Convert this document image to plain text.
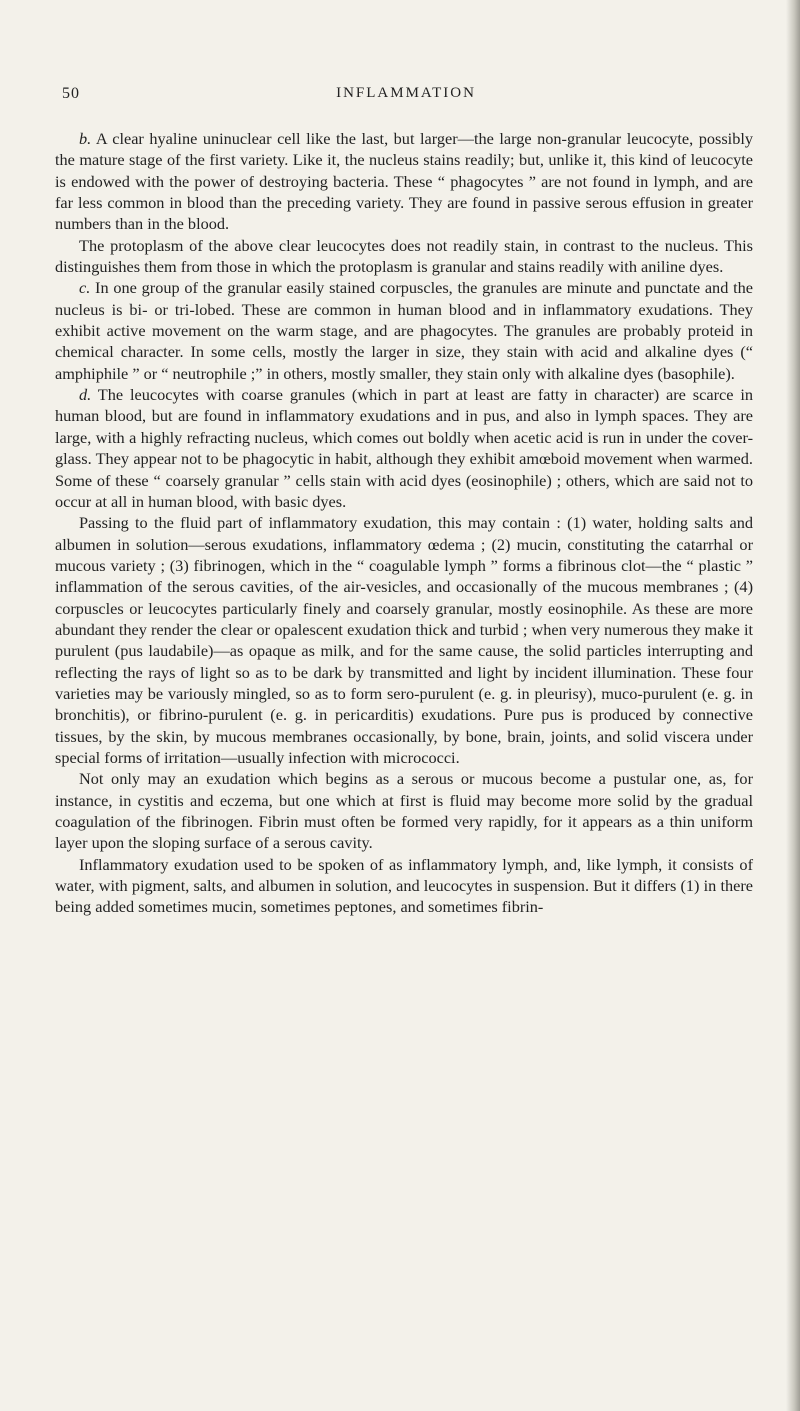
50	INFLAMMATION

b. A clear hyaline uninuclear cell like the last, but larger—the large non-granular leucocyte, possibly the mature stage of the first variety. Like it, the nucleus stains readily; but, unlike it, this kind of leucocyte is endowed with the power of destroying bacteria. These “ phagocytes ” are not found in lymph, and are far less common in blood than the preceding variety. They are found in passive serous effusion in greater numbers than in the blood.

The protoplasm of the above clear leucocytes does not readily stain, in contrast to the nucleus. This distinguishes them from those in which the protoplasm is granular and stains readily with aniline dyes.

c. In one group of the granular easily stained corpuscles, the granules are minute and punctate and the nucleus is bi- or tri-lobed. These are common in human blood and in inflammatory exudations. They exhibit active movement on the warm stage, and are phagocytes. The granules are probably proteid in chemical character. In some cells, mostly the larger in size, they stain with acid and alkaline dyes (“ amphiphile ” or “ neutrophile ;” in others, mostly smaller, they stain only with alkaline dyes (basophile).

d. The leucocytes with coarse granules (which in part at least are fatty in character) are scarce in human blood, but are found in inflammatory exudations and in pus, and also in lymph spaces. They are large, with a highly refracting nucleus, which comes out boldly when acetic acid is run in under the cover-glass. They appear not to be phagocytic in habit, although they exhibit amœboid movement when warmed. Some of these “ coarsely granular ” cells stain with acid dyes (eosinophile) ; others, which are said not to occur at all in human blood, with basic dyes.

Passing to the fluid part of inflammatory exudation, this may contain : (1) water, holding salts and albumen in solution—serous exudations, inflammatory œdema ; (2) mucin, constituting the catarrhal or mucous variety ; (3) fibrinogen, which in the “ coagulable lymph ” forms a fibrinous clot—the “ plastic ” inflammation of the serous cavities, of the air-vesicles, and occasionally of the mucous membranes ; (4) corpuscles or leucocytes particularly finely and coarsely granular, mostly eosinophile. As these are more abundant they render the clear or opalescent exudation thick and turbid ; when very numerous they make it purulent (pus laudabile)—as opaque as milk, and for the same cause, the solid particles interrupting and reflecting the rays of light so as to be dark by transmitted and light by incident illumination. These four varieties may be variously mingled, so as to form sero-purulent (e. g. in pleurisy), muco-purulent (e. g. in bronchitis), or fibrino-purulent (e. g. in pericarditis) exudations. Pure pus is produced by connective tissues, by the skin, by mucous membranes occasionally, by bone, brain, joints, and solid viscera under special forms of irritation—usually infection with micrococci.

Not only may an exudation which begins as a serous or mucous become a pustular one, as, for instance, in cystitis and eczema, but one which at first is fluid may become more solid by the gradual coagulation of the fibrinogen. Fibrin must often be formed very rapidly, for it appears as a thin uniform layer upon the sloping surface of a serous cavity.

Inflammatory exudation used to be spoken of as inflammatory lymph, and, like lymph, it consists of water, with pigment, salts, and albumen in solution, and leucocytes in suspension. But it differs (1) in there being added sometimes mucin, sometimes peptones, and sometimes fibrin-
